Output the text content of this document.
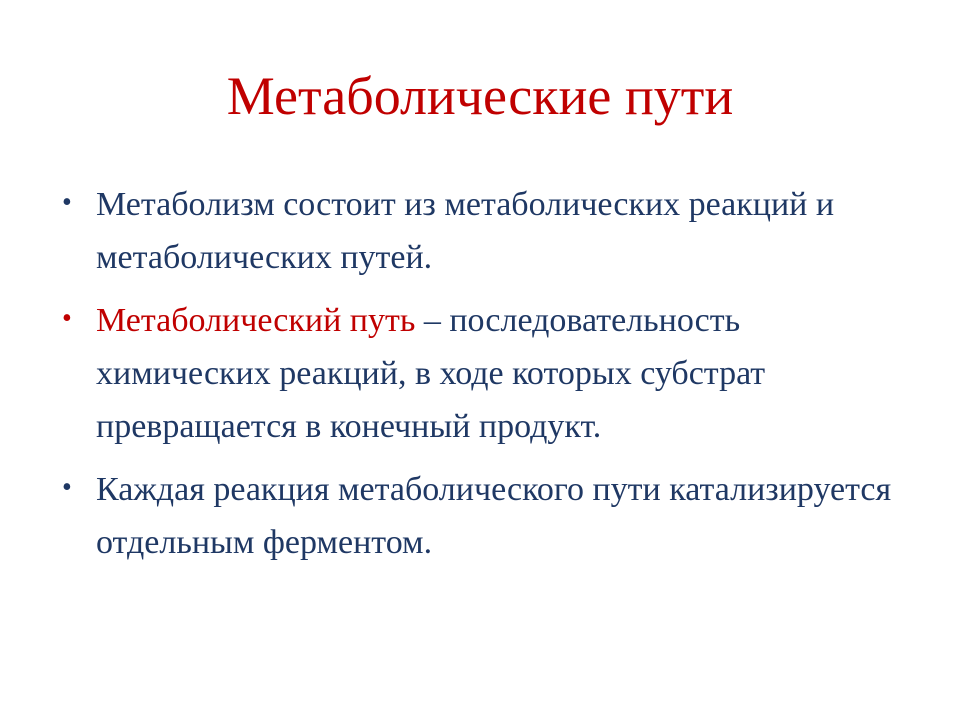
Метаболические пути
• Метаболизм состоит из метаболических реакций и метаболических путей.
• Метаболический путь – последовательность химических реакций, в ходе которых субстрат превращается в конечный продукт.
• Каждая реакция метаболического пути катализируется отдельным ферментом.
